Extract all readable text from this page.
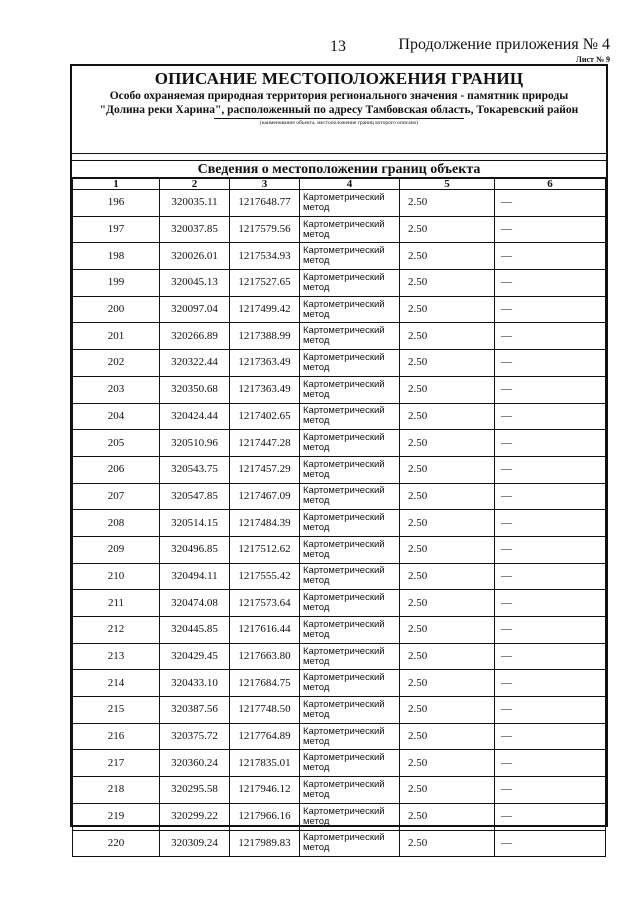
13	Продолжение приложения № 4
Лист № 9
ОПИСАНИЕ МЕСТОПОЛОЖЕНИЯ ГРАНИЦ
Особо охраняемая природная территория регионального значения - памятник природы
"Долина реки Харина", расположенный по адресу Тамбовская область, Токаревский район
(наименование объекта, местоположение границ которого описано)
Сведения о местоположении границ объекта
1	2	3	4	5	6
196	320035.11	1217648.77	Картометрический метод	2.50	—
197	320037.85	1217579.56	Картометрический метод	2.50	—
198	320026.01	1217534.93	Картометрический метод	2.50	—
199	320045.13	1217527.65	Картометрический метод	2.50	—
200	320097.04	1217499.42	Картометрический метод	2.50	—
201	320266.89	1217388.99	Картометрический метод	2.50	—
202	320322.44	1217363.49	Картометрический метод	2.50	—
203	320350.68	1217363.49	Картометрический метод	2.50	—
204	320424.44	1217402.65	Картометрический метод	2.50	—
205	320510.96	1217447.28	Картометрический метод	2.50	—
206	320543.75	1217457.29	Картометрический метод	2.50	—
207	320547.85	1217467.09	Картометрический метод	2.50	—
208	320514.15	1217484.39	Картометрический метод	2.50	—
209	320496.85	1217512.62	Картометрический метод	2.50	—
210	320494.11	1217555.42	Картометрический метод	2.50	—
211	320474.08	1217573.64	Картометрический метод	2.50	—
212	320445.85	1217616.44	Картометрический метод	2.50	—
213	320429.45	1217663.80	Картометрический метод	2.50	—
214	320433.10	1217684.75	Картометрический метод	2.50	—
215	320387.56	1217748.50	Картометрический метод	2.50	—
216	320375.72	1217764.89	Картометрический метод	2.50	—
217	320360.24	1217835.01	Картометрический метод	2.50	—
218	320295.58	1217946.12	Картометрический метод	2.50	—
219	320299.22	1217966.16	Картометрический метод	2.50	—
220	320309.24	1217989.83	Картометрический метод	2.50	—
